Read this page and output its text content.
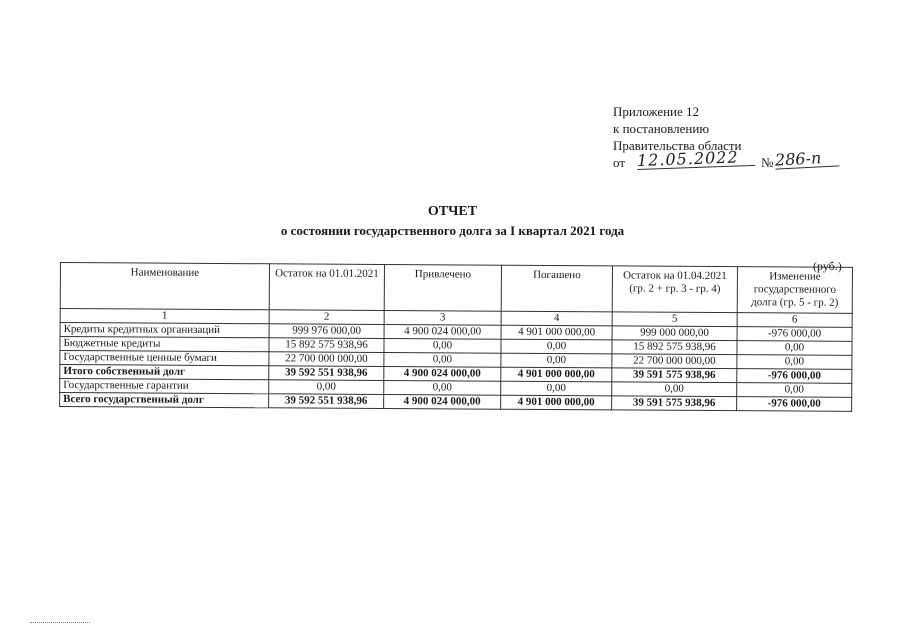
Приложение 12
к постановлению
Правительства области
от 12.05.2022	№ 286-п
ОТЧЕТ
о состоянии государственного долга за I квартал 2021 года
(руб.)
Наименование	Остаток на 01.01.2021	Привлечено	Погашено	Остаток на 01.04.2021 (гр. 2 + гр. 3 - гр. 4)	Изменение государственного долга (гр. 5 - гр. 2)
1	2	3	4	5	6
Кредиты кредитных организаций	999 976 000,00	4 900 024 000,00	4 901 000 000,00	999 000 000,00	-976 000,00
Бюджетные кредиты	15 892 575 938,96	0,00	0,00	15 892 575 938,96	0,00
Государственные ценные бумаги	22 700 000 000,00	0,00	0,00	22 700 000 000,00	0,00
Итого собственный долг	39 592 551 938,96	4 900 024 000,00	4 901 000 000,00	39 591 575 938,96	-976 000,00
Государственные гарантии	0,00	0,00	0,00	0,00	0,00
Всего государственный долг	39 592 551 938,96	4 900 024 000,00	4 901 000 000,00	39 591 575 938,96	-976 000,00
